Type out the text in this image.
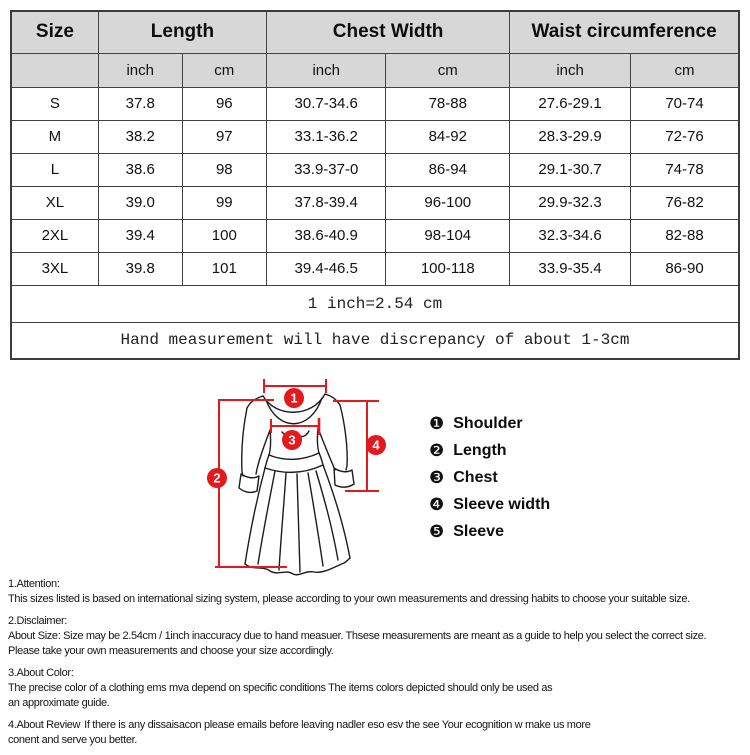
Size	Length		Chest Width		Waist circumference	
	inch	cm	inch	cm	inch	cm
S	37.8	96	30.7-34.6	78-88	27.6-29.1	70-74
M	38.2	97	33.1-36.2	84-92	28.3-29.9	72-76
L	38.6	98	33.9-37-0	86-94	29.1-30.7	74-78
XL	39.0	99	37.8-39.4	96-100	29.9-32.3	76-82
2XL	39.4	100	38.6-40.9	98-104	32.3-34.6	82-88
3XL	39.8	101	39.4-46.5	100-118	33.9-35.4	86-90
1 inch=2.54 cm						
Hand measurement will have discrepancy of about 1-3cm						
1
2
3	4
❶ Shoulder
❷ Length
❸ Chest
❹ Sleeve width
❺ Sleeve
1.Attention:
This sizes listed is based on international sizing system, please according to your own measurements and dressing habits to choose your suitable size.
2.Disclaimer:
About Size: Size may be 2.54cm / 1inch inaccuracy due to hand measuer. Thsese measurements are meant as a guide to help you select the correct size.
Please take your own measurements and choose your size accordingly.
3.About Color:
The precise color of a clothing ems mva depend on specific conditions The items colors depicted should only be used as
an approximate guide.
4.About Review If there is any dissaisacon please emails before leaving nadler eso esv the see Your ecognition w make us more
conent and serve you better.
